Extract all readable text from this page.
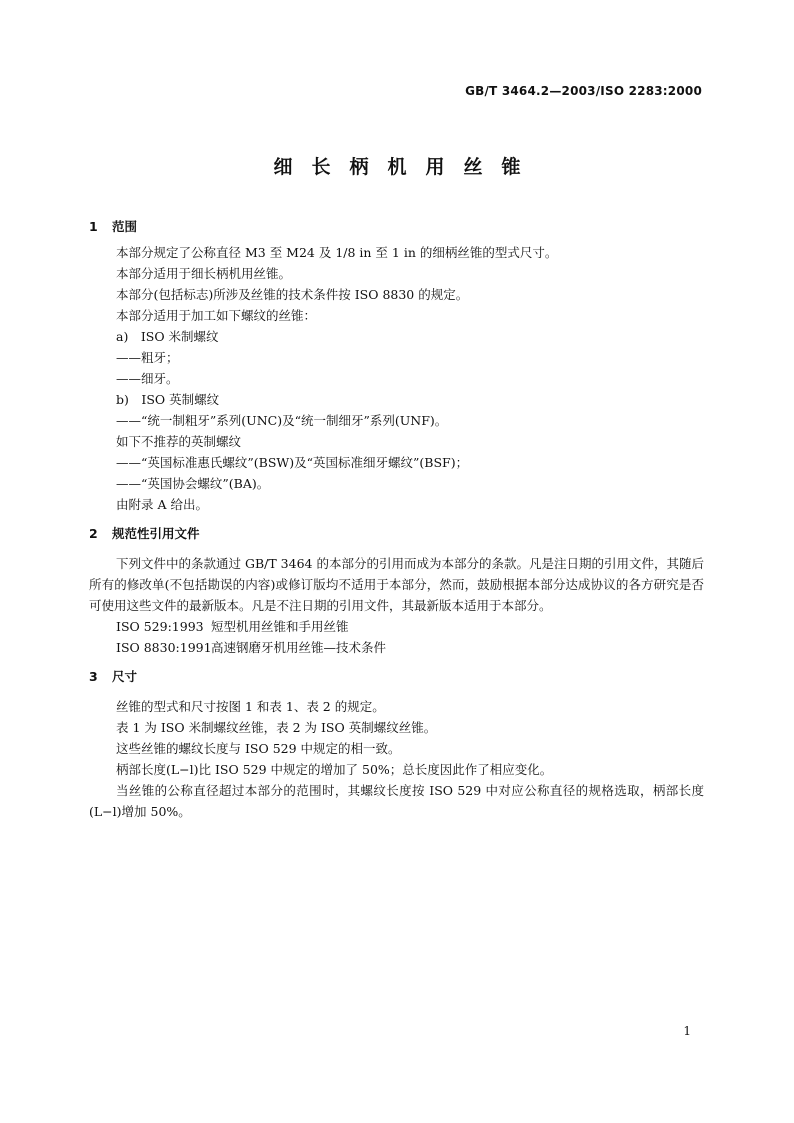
GB/T 3464.2—2003/ISO 2283:2000
细长柄机用丝锥
1 范围

本部分规定了公称直径 M3 至 M24 及 1/8 in 至 1 in 的细柄丝锥的型式尺寸。

本部分适用于细长柄机用丝锥。

本部分(包括标志)所涉及丝锥的技术条件按 ISO 8830 的规定。

本部分适用于加工如下螺纹的丝锥：

a)　ISO 米制螺纹

——粗牙；

——细牙。

b)　ISO 英制螺纹

——“统一制粗牙”系列(UNC)及“统一制细牙”系列(UNF)。

如下不推荐的英制螺纹

——“英国标准惠氏螺纹”(BSW)及“英国标准细牙螺纹”(BSF)；

——“英国协会螺纹”(BA)。

由附录 A 给出。

2 规范性引用文件

下列文件中的条款通过 GB/T 3464 的本部分的引用而成为本部分的条款。凡是注日期的引用文件，其随后所有的修改单(不包括勘误的内容)或修订版均不适用于本部分，然而，鼓励根据本部分达成协议的各方研究是否可使用这些文件的最新版本。凡是不注日期的引用文件，其最新版本适用于本部分。

ISO 529:1993 短型机用丝锥和手用丝锥

ISO 8830:1991高速钢磨牙机用丝锥—技术条件

3 尺寸

丝锥的型式和尺寸按图 1 和表 1、表 2 的规定。

表 1 为 ISO 米制螺纹丝锥，表 2 为 ISO 英制螺纹丝锥。

这些丝锥的螺纹长度与 ISO 529 中规定的相一致。

柄部长度(L−l)比 ISO 529 中规定的增加了 50%；总长度因此作了相应变化。

当丝锥的公称直径超过本部分的范围时，其螺纹长度按 ISO 529 中对应公称直径的规格选取，柄部长度(L−l)增加 50%。

1
